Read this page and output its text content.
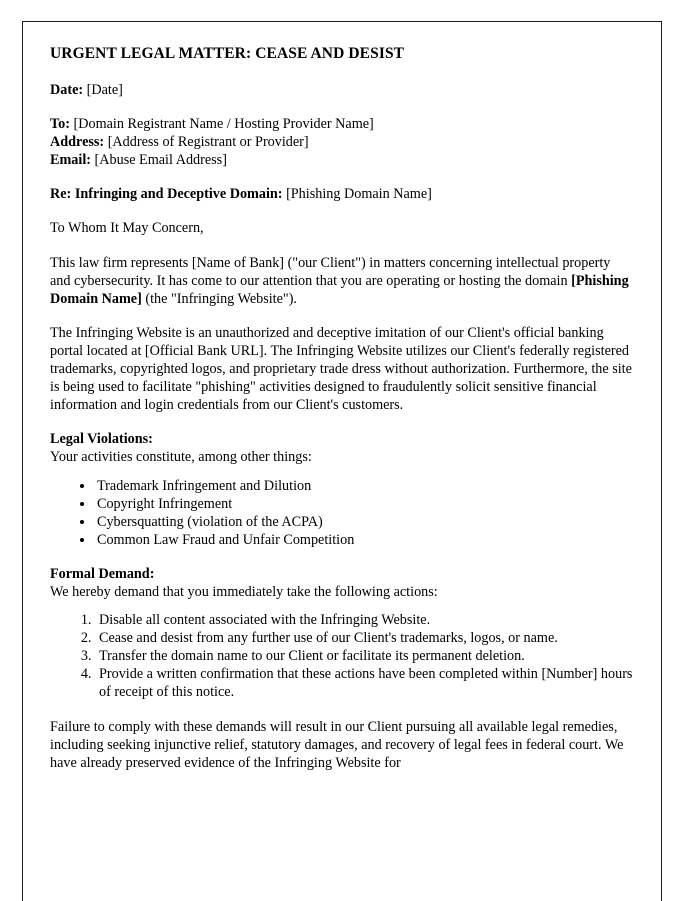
URGENT LEGAL MATTER: CEASE AND DESIST

Date: [Date]

To: [Domain Registrant Name / Hosting Provider Name]
Address: [Address of Registrant or Provider]
Email: [Abuse Email Address]

Re: Infringing and Deceptive Domain: [Phishing Domain Name]

To Whom It May Concern,

This law firm represents [Name of Bank] ("our Client") in matters concerning intellectual property and cybersecurity. It has come to our attention that you are operating or hosting the domain [Phishing Domain Name] (the "Infringing Website").

The Infringing Website is an unauthorized and deceptive imitation of our Client's official banking portal located at [Official Bank URL]. The Infringing Website utilizes our Client's federally registered trademarks, copyrighted logos, and proprietary trade dress without authorization. Furthermore, the site is being used to facilitate "phishing" activities designed to fraudulently solicit sensitive financial information and login credentials from our Client's customers.

Legal Violations:

Your activities constitute, among other things:

• Trademark Infringement and Dilution
• Copyright Infringement
• Cybersquatting (violation of the ACPA)
• Common Law Fraud and Unfair Competition

Formal Demand:

We hereby demand that you immediately take the following actions:

1. Disable all content associated with the Infringing Website.
2. Cease and desist from any further use of our Client's trademarks, logos, or name.
3. Transfer the domain name to our Client or facilitate its permanent deletion.
4. Provide a written confirmation that these actions have been completed within [Number] hours of receipt of this notice.

Failure to comply with these demands will result in our Client pursuing all available legal remedies, including seeking injunctive relief, statutory damages, and recovery of legal fees in federal court. We have already preserved evidence of the Infringing Website for
